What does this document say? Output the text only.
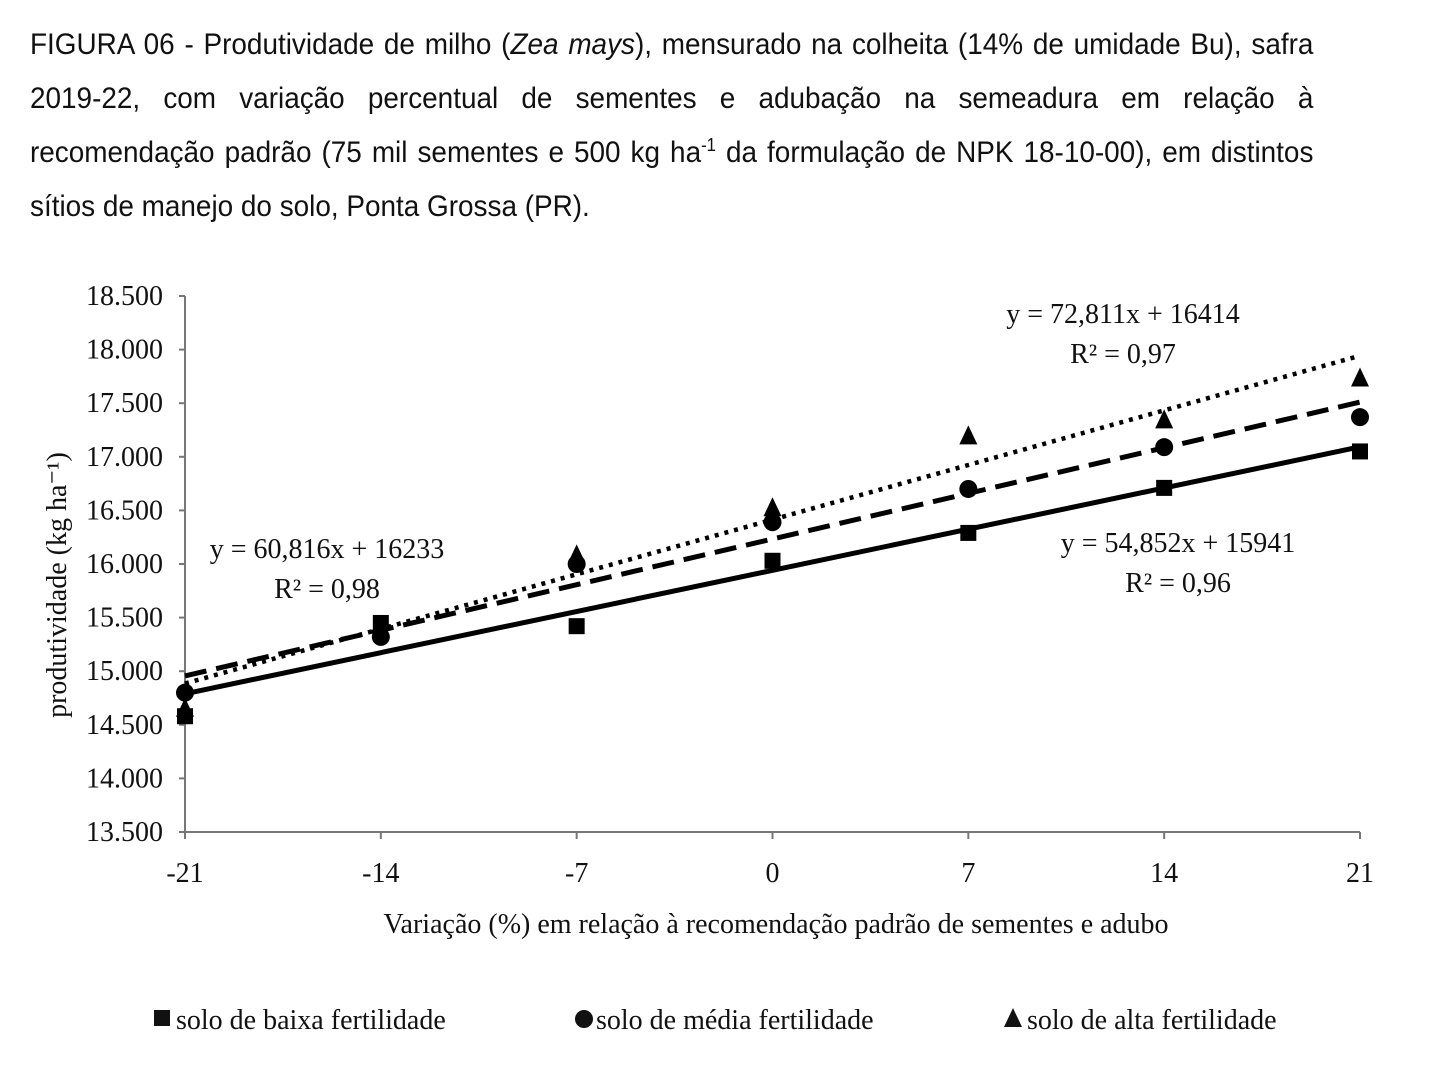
FIGURA 06 - Produtividade de milho (Zea mays), mensurado na colheita (14% de umidade Bu), safra 2019-22, com variação percentual de sementes e adubação na semeadura em relação à recomendação padrão (75 mil sementes e 500 kg $ha^{-1}$ da formulação de NPK 18-10-00), em distintos sítios de manejo do solo, Ponta Grossa (PR).
13.500
14.000
14.500
15.000
15.500
16.000
16.500
17.000
17.500
18.000
18.500
-21	-14	-7	0	7	14	21
y = 72,811x + 16414
R² = 0,97
y = 60,816x + 16233
R² = 0,98
y = 54,852x + 15941
R² = 0,96
Variação (%) em relação à recomendação padrão de sementes e adubo
produtividade (kg ha⁻¹)
solo de baixa fertilidade	solo de média fertilidade	solo de alta fertilidade
